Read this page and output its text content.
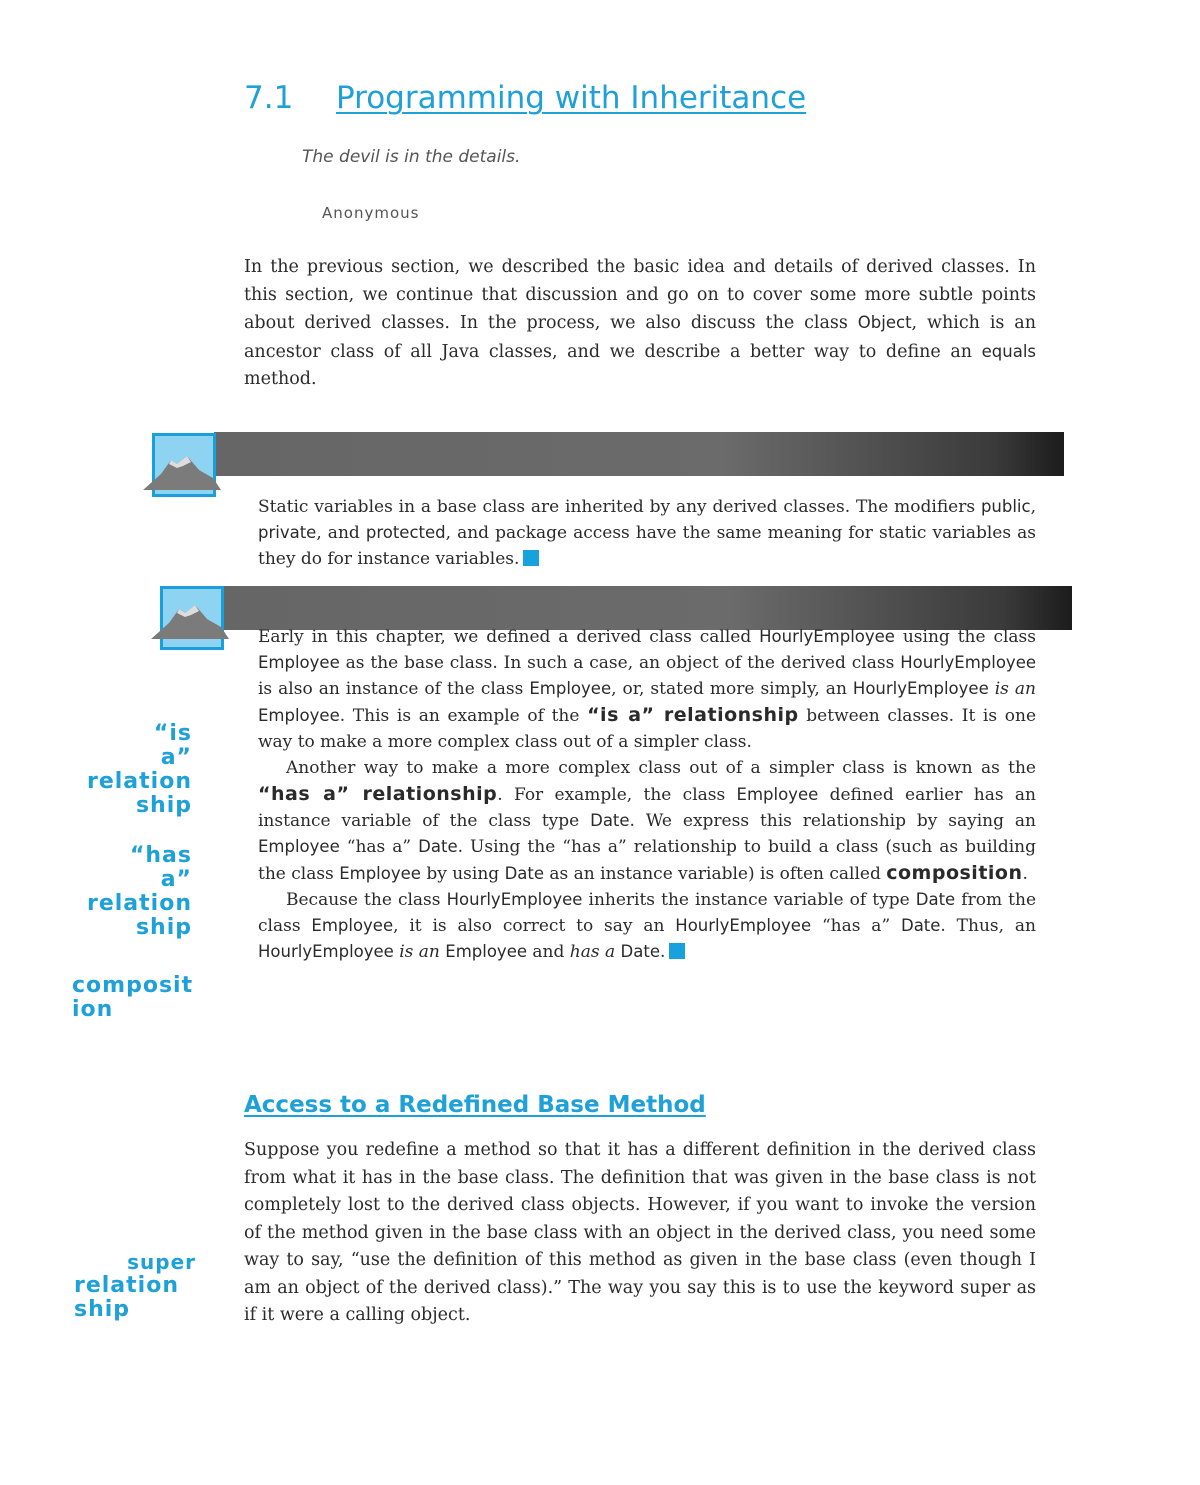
7.1 Programming with Inheritance
The devil is in the details.
Anonymous
In the previous section, we described the basic idea and details of derived classes. In this section, we continue that discussion and go on to cover some more subtle points about derived classes. In the process, we also discuss the class Object, which is an ancestor class of all Java classes, and we describe a better way to define an equals method.
Static variables in a base class are inherited by any derived classes. The modifiers public, private, and protected, and package access have the same meaning for static variables as they do for instance variables.

Early in this chapter, we defined a derived class called HourlyEmployee using the class Employee as the base class. In such a case, an object of the derived class HourlyEmployee is also an instance of the class Employee, or, stated more simply, an HourlyEmployee is an Employee. This is an example of the “is a” relationship between classes. It is one way to make a more complex class out of a simpler class.

Another way to make a more complex class out of a simpler class is known as the “has a” relationship. For example, the class Employee defined earlier has an instance variable of the class type Date. We express this relationship by saying an Employee “has a” Date. Using the “has a” relationship to build a class (such as building the class Employee by using Date as an instance variable) is often called composition.

Because the class HourlyEmployee inherits the instance variable of type Date from the class Employee, it is also correct to say an HourlyEmployee “has a” Date. Thus, an HourlyEmployee is an Employee and has a Date.

“is
a”
relation
ship
“has
a”
relation
ship
composit
ion
super
relation
ship
Access to a Redefined Base Method
Suppose you redefine a method so that it has a different definition in the derived class from what it has in the base class. The definition that was given in the base class is not completely lost to the derived class objects. However, if you want to invoke the version of the method given in the base class with an object in the derived class, you need some way to say, “use the definition of this method as given in the base class (even though I am an object of the derived class).” The way you say this is to use the keyword super as if it were a calling object.
